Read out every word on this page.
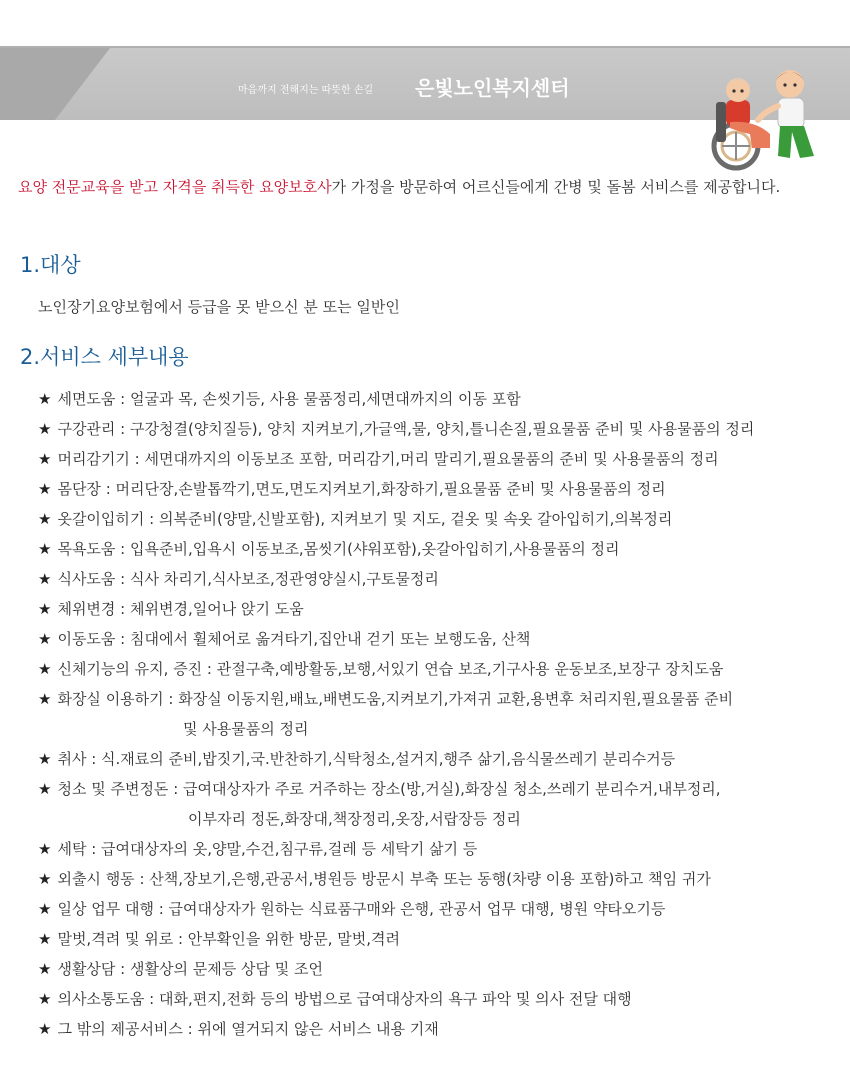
마음까지 전해지는 따뜻한 손길 은빛노인복지센터
요양 전문교육을 받고 자격을 취득한 요양보호사가 가정을 방문하여 어르신들에게 간병 및 돌봄 서비스를 제공합니다.
1.대상
노인장기요양보험에서 등급을 못 받으신 분 또는 일반인
2.서비스 세부내용
★ 세면도움 : 얼굴과 목, 손씻기등, 사용 물품정리,세면대까지의 이동 포함
★ 구강관리 : 구강청결(양치질등), 양치 지켜보기,가글액,물, 양치,틀니손질,필요물품 준비 및 사용물품의 정리
★ 머리감기기 : 세면대까지의 이동보조 포함, 머리감기,머리 말리기,필요물품의 준비 및 사용물품의 정리
★ 몸단장 : 머리단장,손발톱깍기,면도,면도지켜보기,화장하기,필요물품 준비 및 사용물품의 정리
★ 옷갈이입히기 : 의복준비(양말,신발포함), 지켜보기 및 지도, 겉옷 및 속옷 갈아입히기,의복정리
★ 목욕도움 : 입욕준비,입욕시 이동보조,몸씻기(샤워포함),옷갈아입히기,사용물품의 정리
★ 식사도움 : 식사 차리기,식사보조,정관영양실시,구토물정리
★ 체위변경 : 체위변경,일어나 앉기 도움
★ 이동도움 : 침대에서 휠체어로 옮겨타기,집안내 걷기 또는 보행도움, 산책
★ 신체기능의 유지, 증진 : 관절구축,예방활동,보행,서있기 연습 보조,기구사용 운동보조,보장구 장치도움
★ 화장실 이용하기 : 화장실 이동지원,배뇨,배변도움,지켜보기,가져귀 교환,용변후 처리지원,필요물품 준비
및 사용물품의 정리
★ 취사 : 식.재료의 준비,밥짓기,국.반찬하기,식탁청소,설거지,행주 삶기,음식물쓰레기 분리수거등
★ 청소 및 주변정돈 : 급여대상자가 주로 거주하는 장소(방,거실),화장실 청소,쓰레기 분리수거,내부정리,
이부자리 정돈,화장대,책장정리,옷장,서랍장등 정리
★ 세탁 : 급여대상자의 옷,양말,수건,침구류,걸레 등 세탁기 삶기 등
★ 외출시 행동 : 산책,장보기,은행,관공서,병원등 방문시 부축 또는 동행(차량 이용 포함)하고 책임 귀가
★ 일상 업무 대행 : 급여대상자가 원하는 식료품구매와 은행, 관공서 업무 대행, 병원 약타오기등
★ 말벗,격려 및 위로 : 안부확인을 위한 방문, 말벗,격려
★ 생활상담 : 생활상의 문제등 상담 및 조언
★ 의사소통도움 : 대화,편지,전화 등의 방법으로 급여대상자의 욕구 파악 및 의사 전달 대행
★ 그 밖의 제공서비스 : 위에 열거되지 않은 서비스 내용 기재
